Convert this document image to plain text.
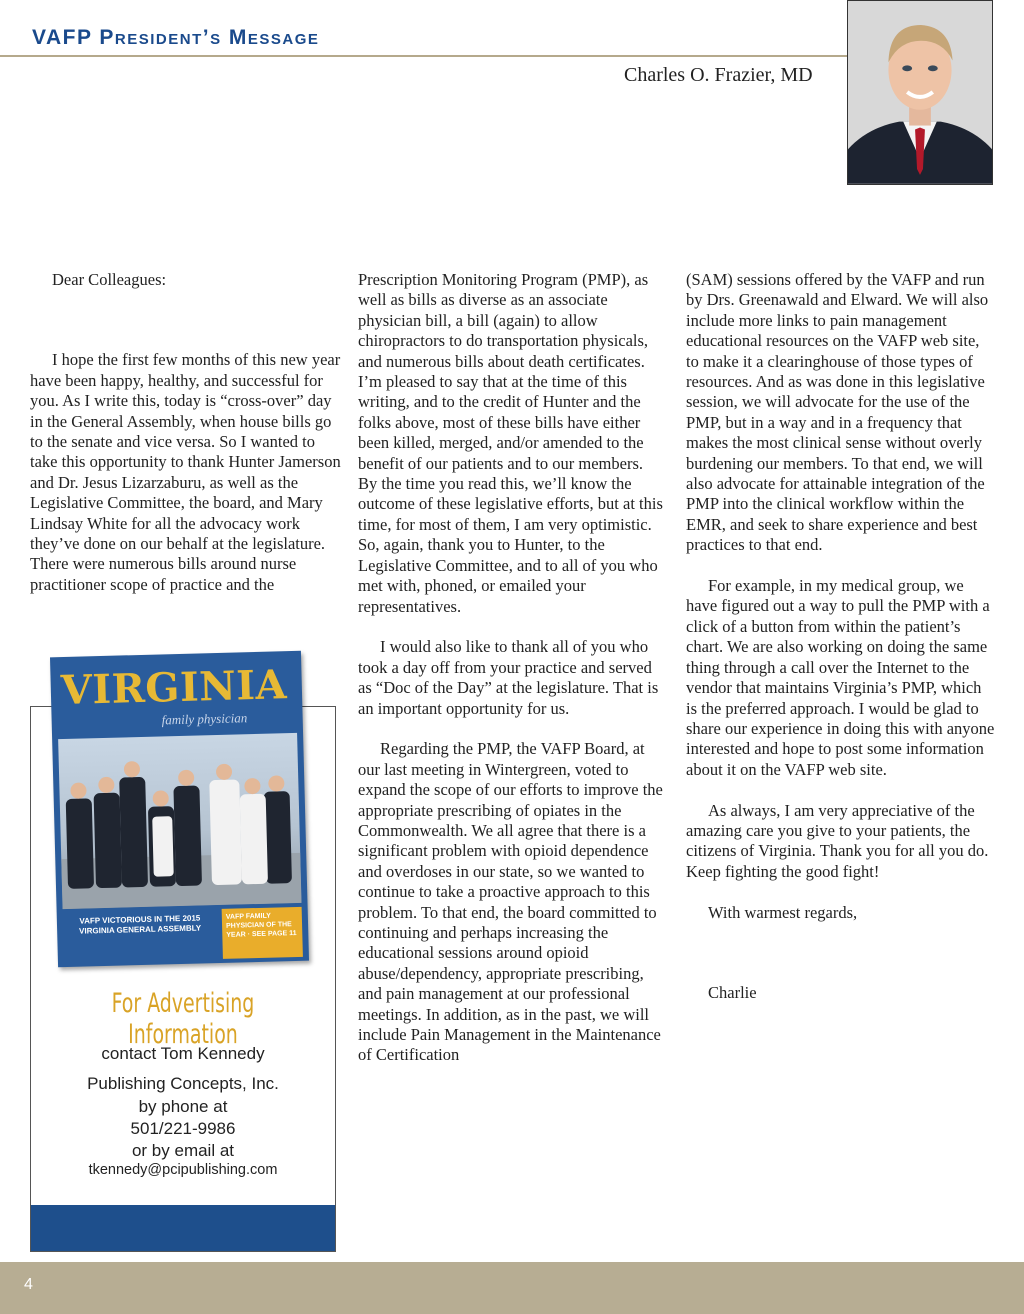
VAFP President’s Message
Charles O. Frazier, MD

Dear Colleagues:

I hope the first few months of this new year have been happy, healthy, and successful for you. As I write this, today is “cross-over” day in the General Assembly, when house bills go to the senate and vice versa. So I wanted to take this opportunity to thank Hunter Jamerson and Dr. Jesus Lizarzaburu, as well as the Legislative Committee, the board, and Mary Lindsay White for all the advocacy work they’ve done on our behalf at the legislature. There were numerous bills around nurse practitioner scope of practice and the

Prescription Monitoring Program (PMP), as well as bills as diverse as an associate physician bill, a bill (again) to allow chiropractors to do transportation physicals, and numerous bills about death certificates. I’m pleased to say that at the time of this writing, and to the credit of Hunter and the folks above, most of these bills have either been killed, merged, and/or amended to the benefit of our patients and to our members. By the time you read this, we’ll know the outcome of these legislative efforts, but at this time, for most of them, I am very optimistic. So, again, thank you to Hunter, to the Legislative Committee, and to all of you who met with, phoned, or emailed your representatives.

I would also like to thank all of you who took a day off from your practice and served as “Doc of the Day” at the legislature. That is an important opportunity for us.

Regarding the PMP, the VAFP Board, at our last meeting in Wintergreen, voted to expand the scope of our efforts to improve the appropriate prescribing of opiates in the Commonwealth. We all agree that there is a significant problem with opioid dependence and overdoses in our state, so we wanted to continue to take a proactive approach to this problem. To that end, the board committed to continuing and perhaps increasing the educational sessions around opioid abuse/dependency, appropriate prescribing, and pain management at our professional meetings. In addition, as in the past, we will include Pain Management in the Maintenance of Certification

(SAM) sessions offered by the VAFP and run by Drs. Greenawald and Elward. We will also include more links to pain management educational resources on the VAFP web site, to make it a clearinghouse of those types of resources. And as was done in this legislative session, we will advocate for the use of the PMP, but in a way and in a frequency that makes the most clinical sense without overly burdening our members. To that end, we will also advocate for attainable integration of the PMP into the clinical workflow within the EMR, and seek to share experience and best practices to that end.

For example, in my medical group, we have figured out a way to pull the PMP with a click of a button from within the patient’s chart. We are also working on doing the same thing through a call over the Internet to the vendor that maintains Virginia’s PMP, which is the preferred approach. I would be glad to share our experience in doing this with anyone interested and hope to post some information about it on the VAFP web site.

As always, I am very appreciative of the amazing care you give to your patients, the citizens of Virginia. Thank you for all you do. Keep fighting the good fight!

With warmest regards,

Charlie

VIRGINIA
family physician
VAFP VICTORIOUS IN THE 2015 VIRGINIA GENERAL ASSEMBLY
VAFP FAMILY PHYSICIAN OF THE YEAR · SEE PAGE 11
For Advertising Information
contact Tom Kennedy
Publishing Concepts, Inc.
by phone at
501/221-9986
or by email at
tkennedy@pcipublishing.com
4
